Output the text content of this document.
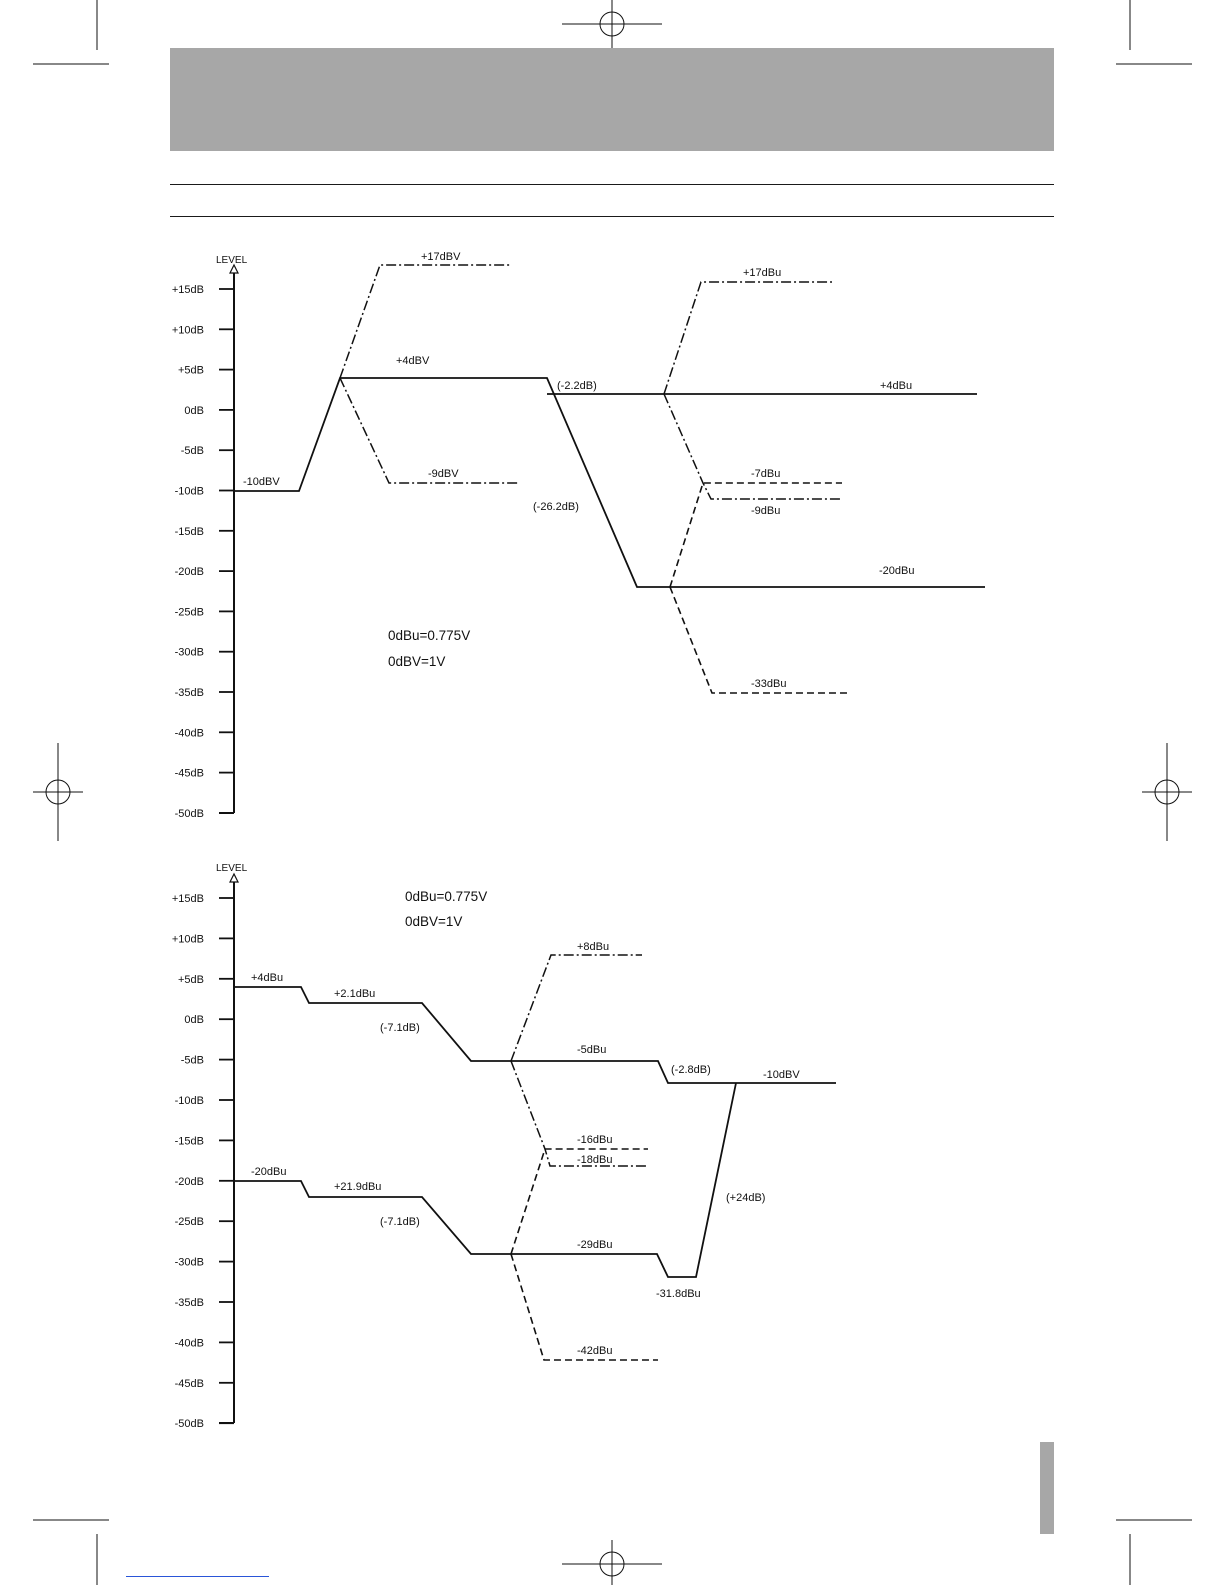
LEVEL
+15dB
+10dB
+5dB
0dB
-5dB
-10dB
-15dB
-20dB
-25dB
-30dB
-35dB
-40dB
-45dB
-50dB
+17dBV
+4dBV
-10dBV
-9dBV
(-2.2dB)
(-26.2dB)
+17dBu
+4dBu
-7dBu
-9dBu
-20dBu
-33dBu
0dBu=0.775V
0dBV=1V
LEVEL
+15dB
+10dB
+5dB
0dB
-5dB
-10dB
-15dB
-20dB
-25dB
-30dB
-35dB
-40dB
-45dB
-50dB
0dBu=0.775V
0dBV=1V
+4dBu
+2.1dBu
(-7.1dB)
+8dBu
-5dBu
(-2.8dB)	-10dBV
-16dBu
-18dBu
-20dBu
+21.9dBu
(-7.1dB)
(+24dB)
-29dBu
-31.8dBu
-42dBu
